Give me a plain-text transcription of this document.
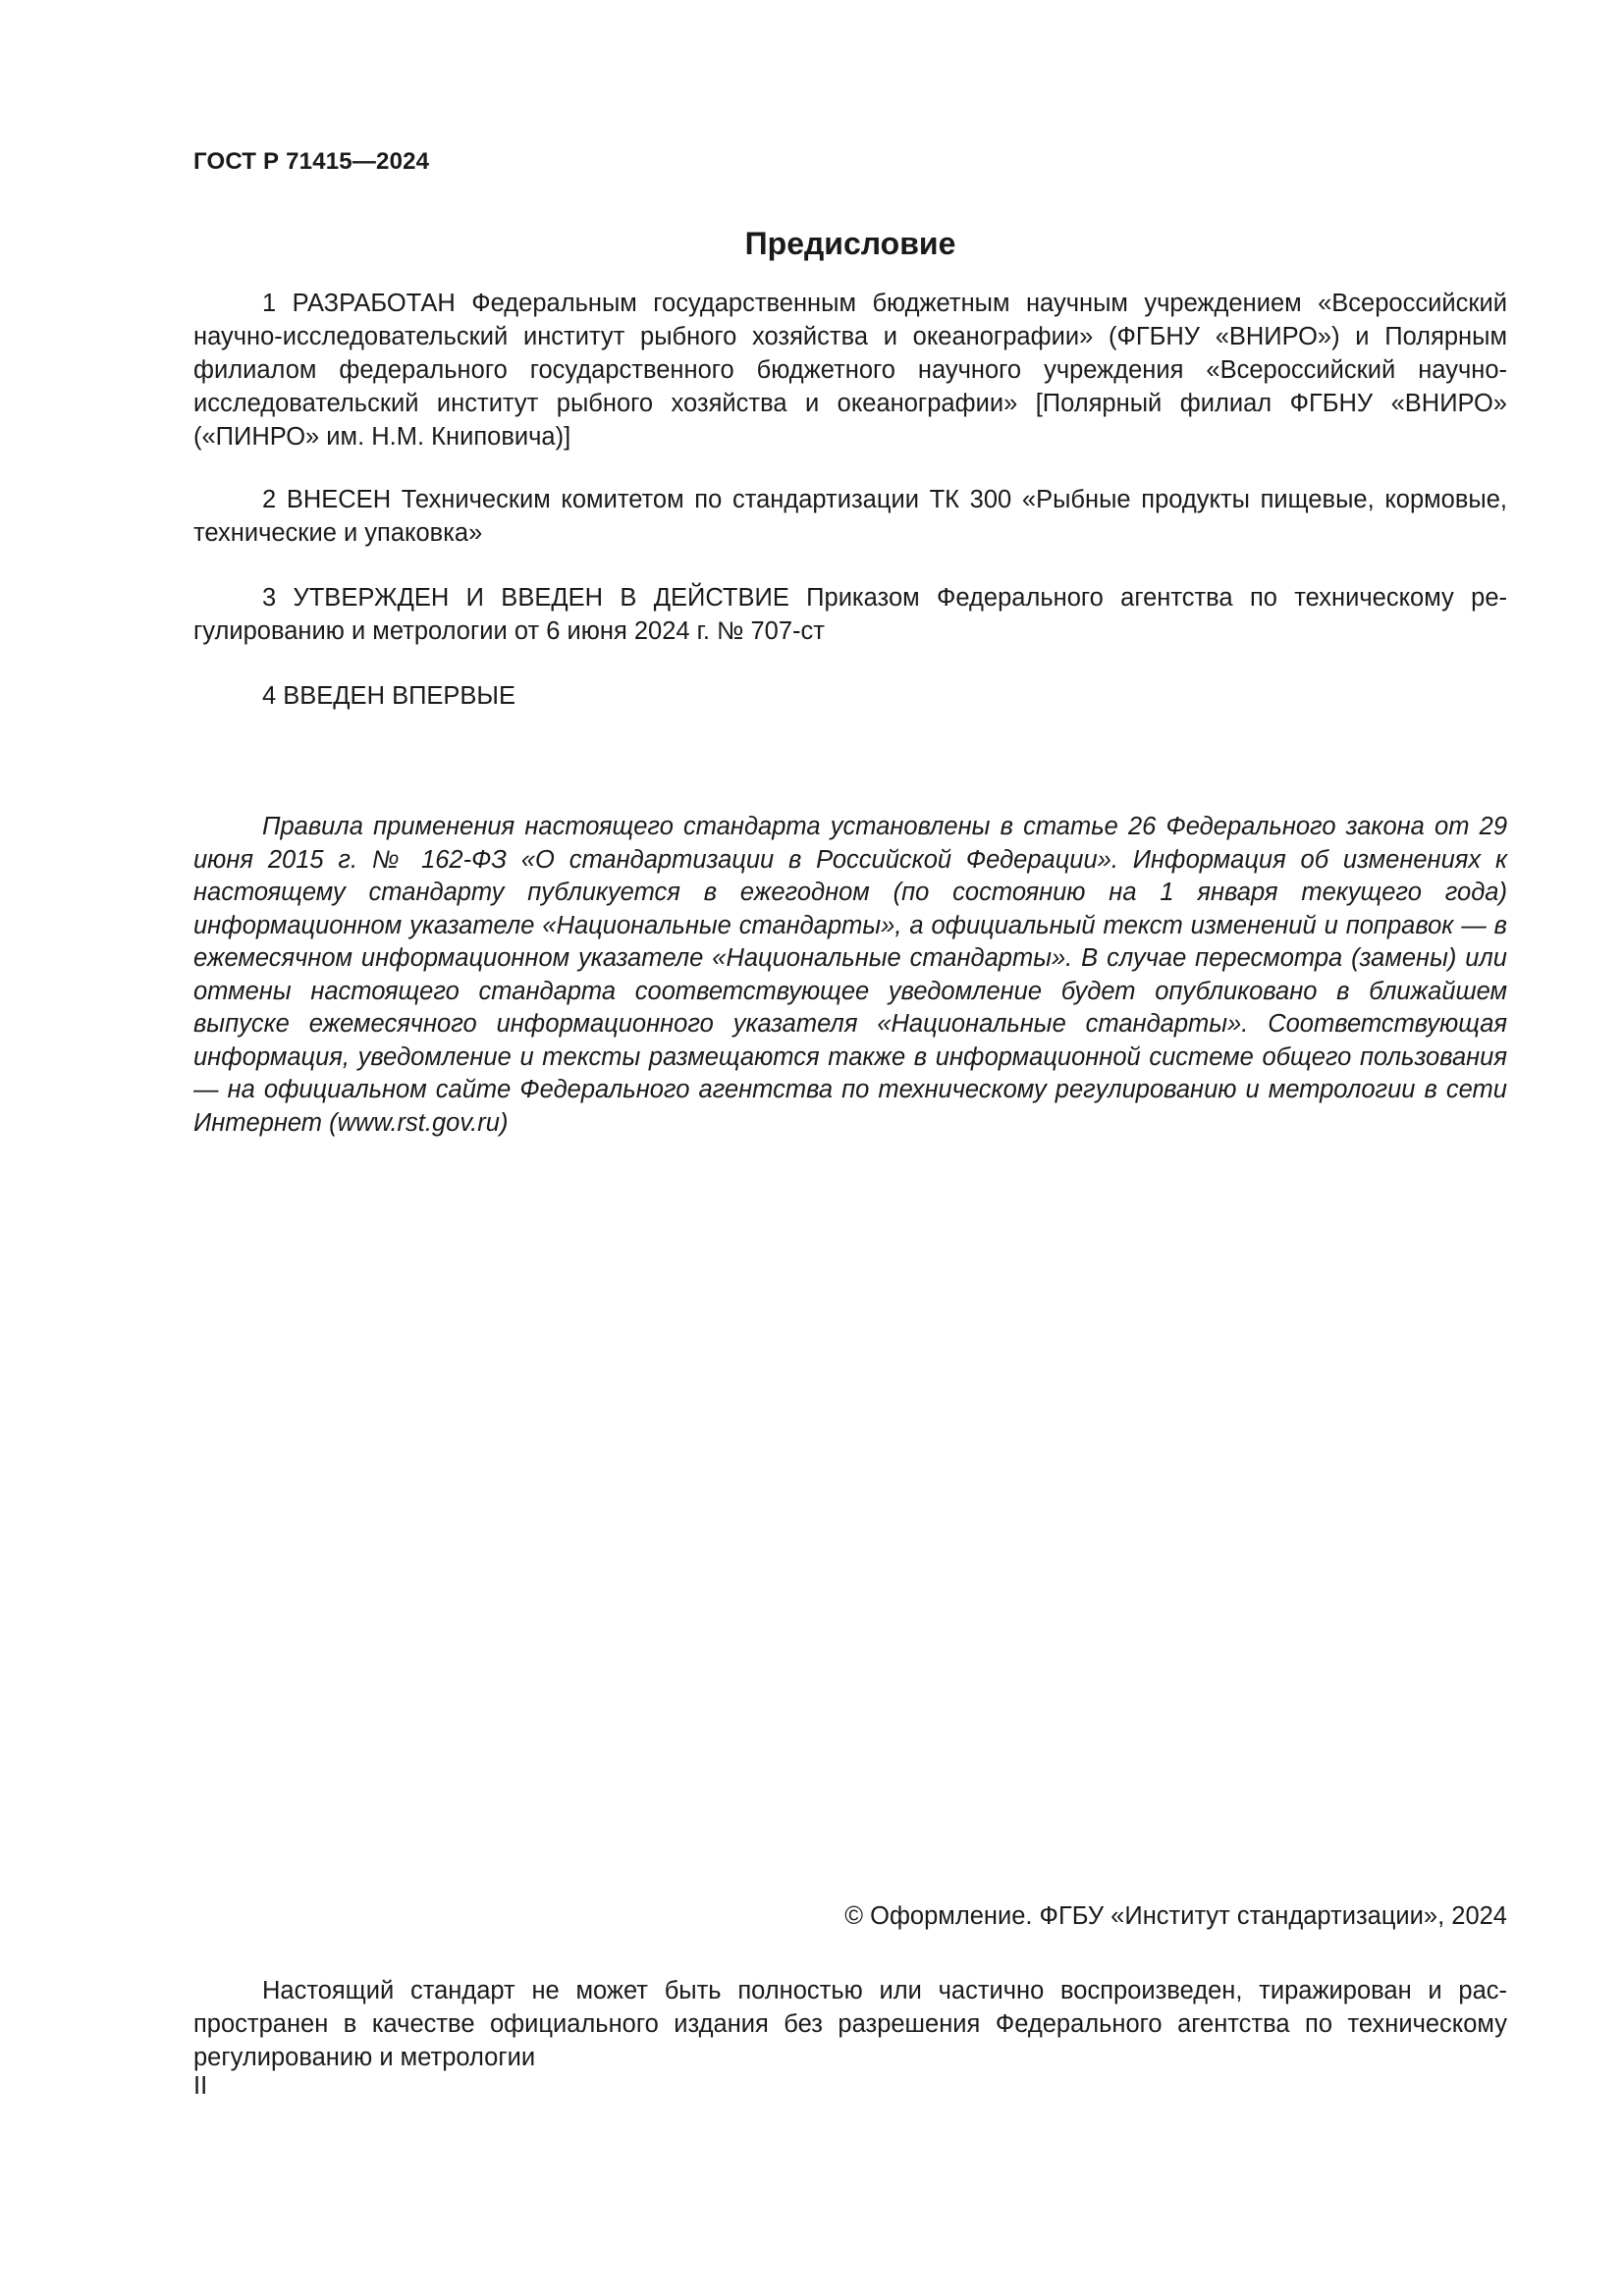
ГОСТ Р 71415—2024
Предисловие

1 РАЗРАБОТАН Федеральным государственным бюджетным научным учреждением «Всероссийский научно-исследовательский институт рыбного хозяйства и океанографии» (ФГБНУ «ВНИРО») и Полярным филиалом федерального государственного бюджетного научного учреждения «Всероссийский научно-исследовательский институт рыбного хозяйства и океанографии» [Полярный филиал ФГБНУ «ВНИРО» («ПИНРО» им. Н.М. Книповича)]

2 ВНЕСЕН Техническим комитетом по стандартизации ТК 300 «Рыбные продукты пищевые, кормовые, технические и упаковка»

3 УТВЕРЖДЕН И ВВЕДЕН В ДЕЙСТВИЕ Приказом Федерального агентства по техническому регулированию и метрологии от 6 июня 2024 г. № 707-ст

4 ВВЕДЕН ВПЕРВЫЕ

Правила применения настоящего стандарта установлены в статье 26 Федерального закона от 29 июня 2015 г. № 162-ФЗ «О стандартизации в Российской Федерации». Информация об изменениях к настоящему стандарту публикуется в ежегодном (по состоянию на 1 января текущего года) информационном указателе «Национальные стандарты», а официальный текст изменений и поправок — в ежемесячном информационном указателе «Национальные стандарты». В случае пересмотра (замены) или отмены настоящего стандарта соответствующее уведомление будет опубликовано в ближайшем выпуске ежемесячного информационного указателя «Национальные стандарты». Соответствующая информация, уведомление и тексты размещаются также в информационной системе общего пользования — на официальном сайте Федерального агентства по техническому регулированию и метрологии в сети Интернет (www.rst.gov.ru)

© Оформление. ФГБУ «Институт стандартизации», 2024

Настоящий стандарт не может быть полностью или частично воспроизведен, тиражирован и распространен в качестве официального издания без разрешения Федерального агентства по техническому регулированию и метрологии

II
